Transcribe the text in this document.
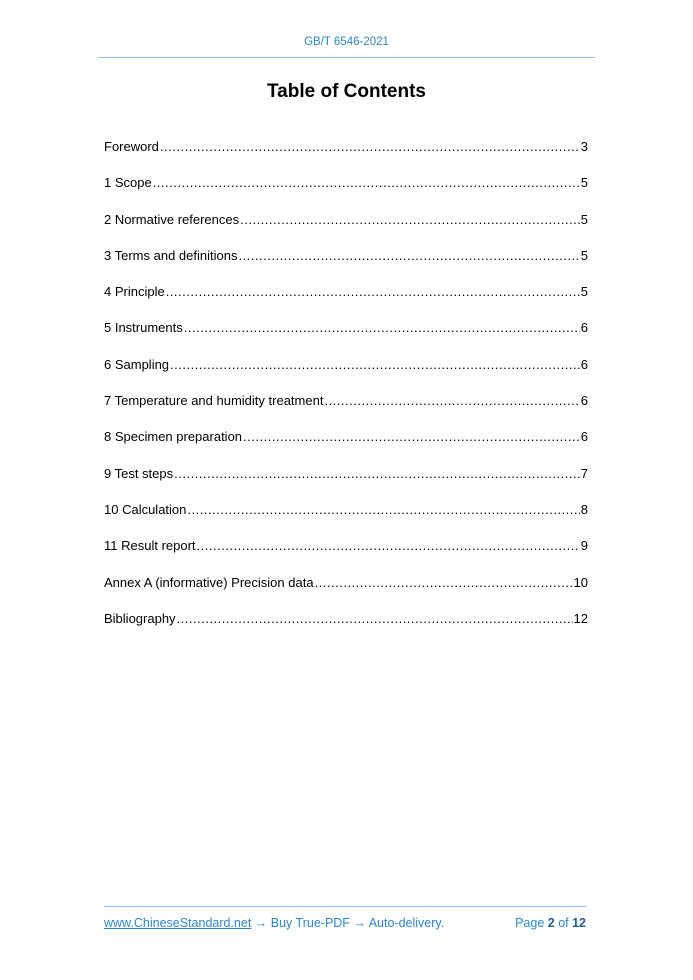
GB/T 6546-2021
Table of Contents
Foreword .....	3
1 Scope .....	5
2 Normative references .....	5
3 Terms and definitions .....	5
4 Principle .....	5
5 Instruments .....	6
6 Sampling .....	6
7 Temperature and humidity treatment .....	6
8 Specimen preparation .....	6
9 Test steps .....	7
10 Calculation .....	8
11 Result report .....	9
Annex A (informative) Precision data .....	10
Bibliography .....	12
www.ChineseStandard.net → Buy True-PDF → Auto-delivery.	Page 2 of 12
